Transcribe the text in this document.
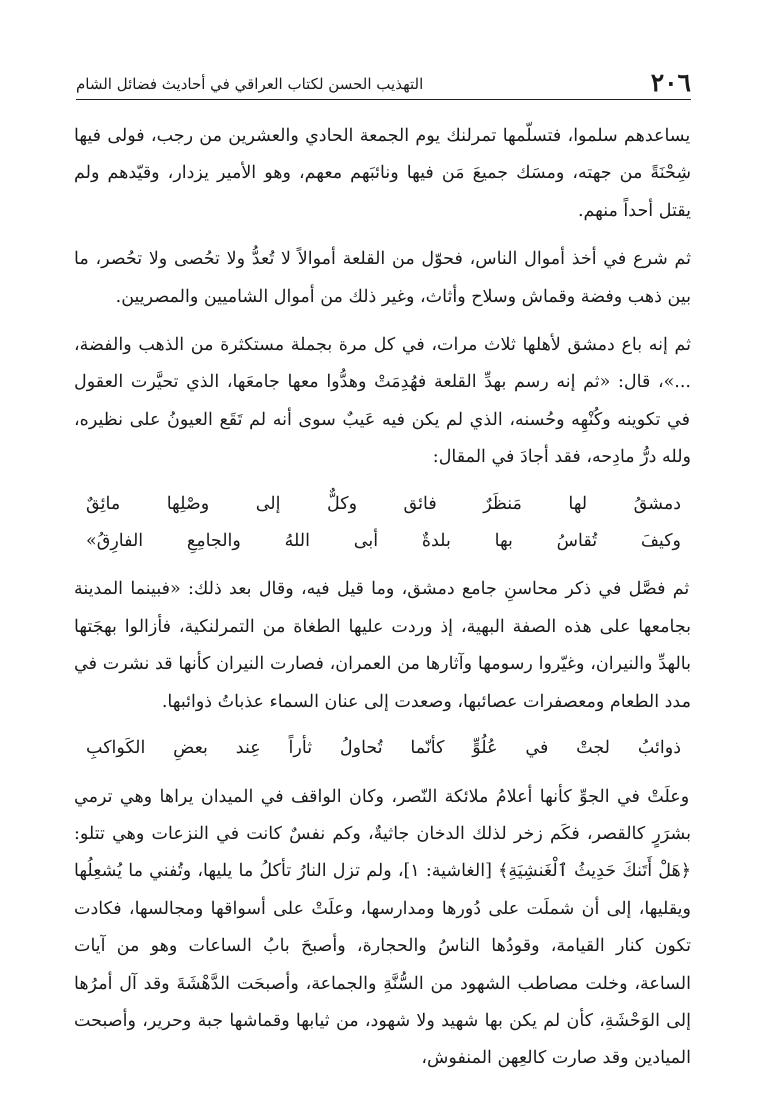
٢٠٦
التهذيب الحسن لكتاب العراقي في أحاديث فضائل الشام

يساعدهم سلموا، فتسلّمها تمرلنك يوم الجمعة الحادي والعشرين من رجب، فولى فيها شِحْنَةً من جهته، ومسَك جميعَ مَن فيها ونائبَهم معهم، وهو الأمير يزدار، وقيّدهم ولم يقتل أحداً منهم.

ثم شرع في أخذ أموال الناس، فحوّل من القلعة أموالاً لا تُعدُّ ولا تحُصى ولا تحُصر، ما بين ذهب وفضة وقماش وسلاح وأثاث، وغير ذلك من أموال الشاميين والمصريين.

ثم إنه باع دمشق لأهلها ثلاث مرات، في كل مرة بجملة مستكثرة من الذهب والفضة، ...»، قال: «ثم إنه رسم بهدِّ القلعة فهُدِمَتْ وهدُّوا معها جامعَها، الذي تحيَّرت العقول في تكوينه وكُنْهِه وحُسنه، الذي لم يكن فيه عَيبٌ سوى أنه لم تَقَع العيونُ على نظيره، ولله درُّ مادِحه، فقد أجادَ في المقال:

دمشقُ
لها
مَنظَرٌ
فائق
وكلٌّ
إلى
وصْلِها
مائِقٌ
وكيفَ
تُقاسُ
بها
بلدةٌ
أبى
اللهُ
والجامِعِ
الفارِقُ»

ثم فصَّل في ذكر محاسنِ جامع دمشق، وما قيل فيه، وقال بعد ذلك: «فبينما المدينة بجامعها على هذه الصفة البهية، إذ وردت عليها الطغاة من التمرلنكية، فأزالوا بهجَتها بالهدِّ والنيران، وغيّروا رسومها وآثارها من العمران، فصارت النيران كأنها قد نشرت في مدد الطعام ومعصفرات عصائبها، وصعدت إلى عنان السماء عذباتُ ذوائبها.

ذوائبُ
لجتْ
في
عُلُوٍّ
كأنّما
تُحاولُ
ثأراً
عِند
بعضِ
الكَواكبِ

وعلَتْ في الجوِّ كأنها أعلامُ ملائكة النّصر، وكان الواقف في الميدان يراها وهي ترمي بشرَرٍ كالقصر، فكَم زخر لذلك الدخان جاثيةٌ، وكم نفسٌ كانت في النزعات وهي تتلو: ﴿هَلْ أَتَنكَ حَدِيثُ ٱلْغَنشِيَةِ﴾ [الغاشية: ١]، ولم تزل النارُ تأكلُ ما يليها، وتُفني ما يُشعِلُها ويقليها، إلى أن شملَت على دُورها ومدارسها، وعلَتْ على أسواقها ومجالسها، فكادت تكون كنار القيامة، وقودُها الناسُ والحجارة، وأصبحَ بابُ الساعات وهو من آيات الساعة، وخلت مصاطب الشهود من السُّنَّةِ والجماعة، وأصبحَت الدَّهْشَةَ وقد آل أمرُها إلى الوَحْشَةِ، كأن لم يكن بها شهيد ولا شهود، من ثيابها وقماشها جبة وحرير، وأصبحت الميادين وقد صارت كالعِهن المنفوش،
